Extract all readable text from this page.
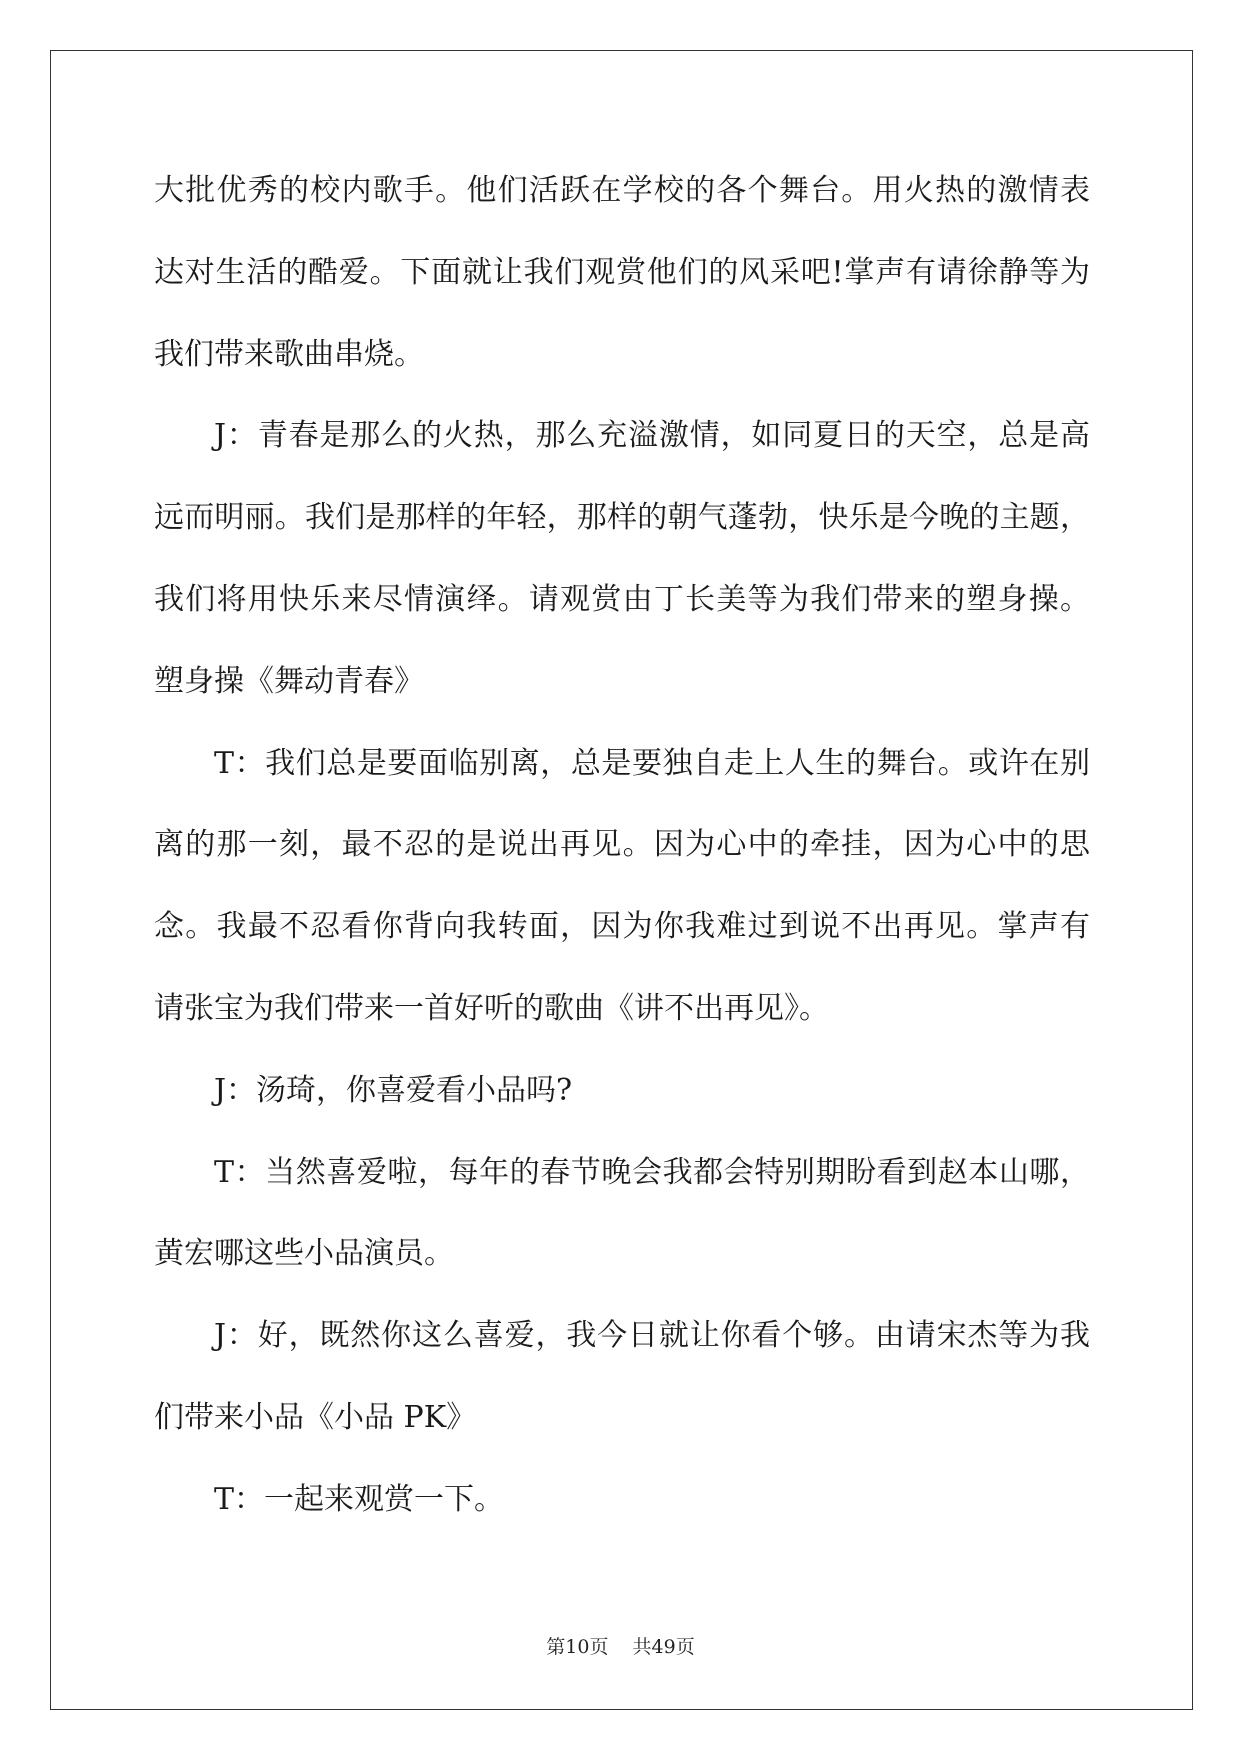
大批优秀的校内歌手。他们活跃在学校的各个舞台。用火热的激情表
达对生活的酷爱。下面就让我们观赏他们的风采吧!掌声有请徐静等为
我们带来歌曲串烧。
J：青春是那么的火热，那么充溢激情，如同夏日的天空，总是高
远而明丽。我们是那样的年轻，那样的朝气蓬勃，快乐是今晚的主题，
我们将用快乐来尽情演绎。请观赏由丁长美等为我们带来的塑身操。
塑身操《舞动青春》
T：我们总是要面临别离，总是要独自走上人生的舞台。或许在别
离的那一刻，最不忍的是说出再见。因为心中的牵挂，因为心中的思
念。我最不忍看你背向我转面，因为你我难过到说不出再见。掌声有
请张宝为我们带来一首好听的歌曲《讲不出再见》。
J：汤琦，你喜爱看小品吗?
T：当然喜爱啦，每年的春节晚会我都会特别期盼看到赵本山哪，
黄宏哪这些小品演员。
J：好，既然你这么喜爱，我今日就让你看个够。由请宋杰等为我
们带来小品《小品 PK》
T：一起来观赏一下。
第10页 共49页
